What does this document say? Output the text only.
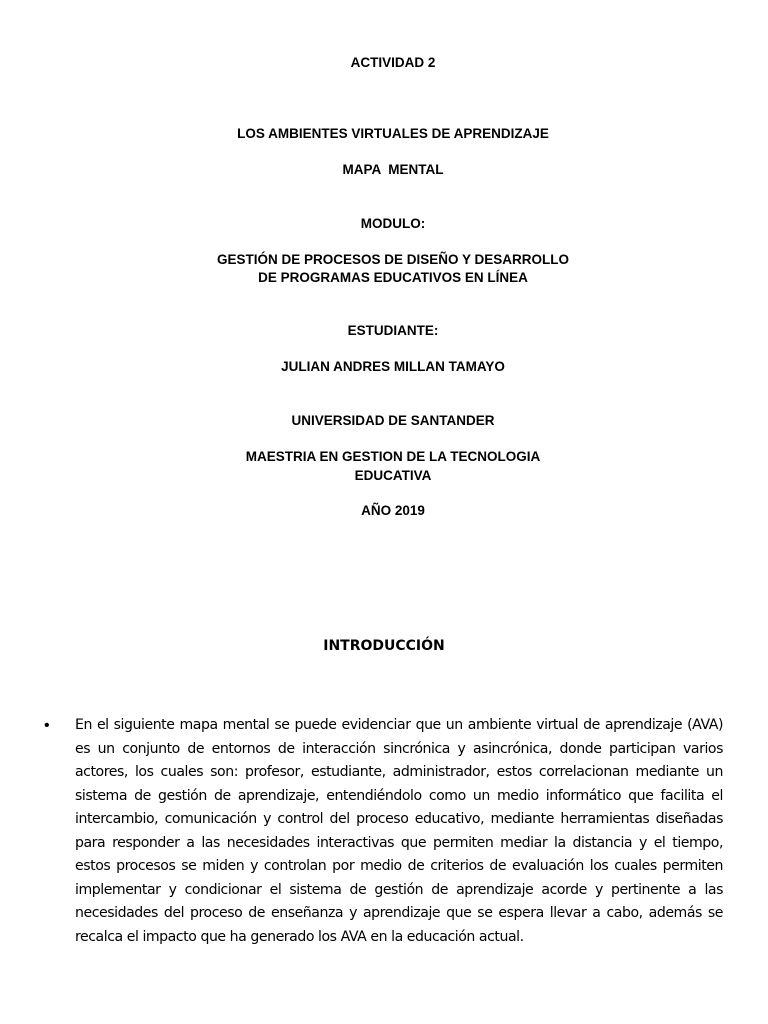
ACTIVIDAD 2
LOS AMBIENTES VIRTUALES DE APRENDIZAJE
MAPA  MENTAL
MODULO:
GESTIÓN DE PROCESOS DE DISEÑO Y DESARROLLO
DE PROGRAMAS EDUCATIVOS EN LÍNEA
ESTUDIANTE:
JULIAN ANDRES MILLAN TAMAYO
UNIVERSIDAD DE SANTANDER
MAESTRIA EN GESTION DE LA TECNOLOGIA
EDUCATIVA
AÑO 2019
INTRODUCCIÓN
• En el siguiente mapa mental se puede evidenciar que un ambiente virtual de aprendizaje (AVA) es un conjunto de entornos de interacción sincrónica y asincrónica, donde participan varios actores, los cuales son: profesor, estudiante, administrador, estos correlacionan mediante un sistema de gestión de aprendizaje, entendiéndolo como un medio informático que facilita el intercambio, comunicación y control del proceso educativo, mediante herramientas diseñadas para responder a las necesidades interactivas que permiten mediar la distancia y el tiempo, estos procesos se miden y controlan por medio de criterios de evaluación los cuales permiten implementar y condicionar el sistema de gestión de aprendizaje acorde y pertinente a las necesidades del proceso de enseñanza y aprendizaje que se espera llevar a cabo, además se recalca el impacto que ha generado los AVA en la educación actual.
